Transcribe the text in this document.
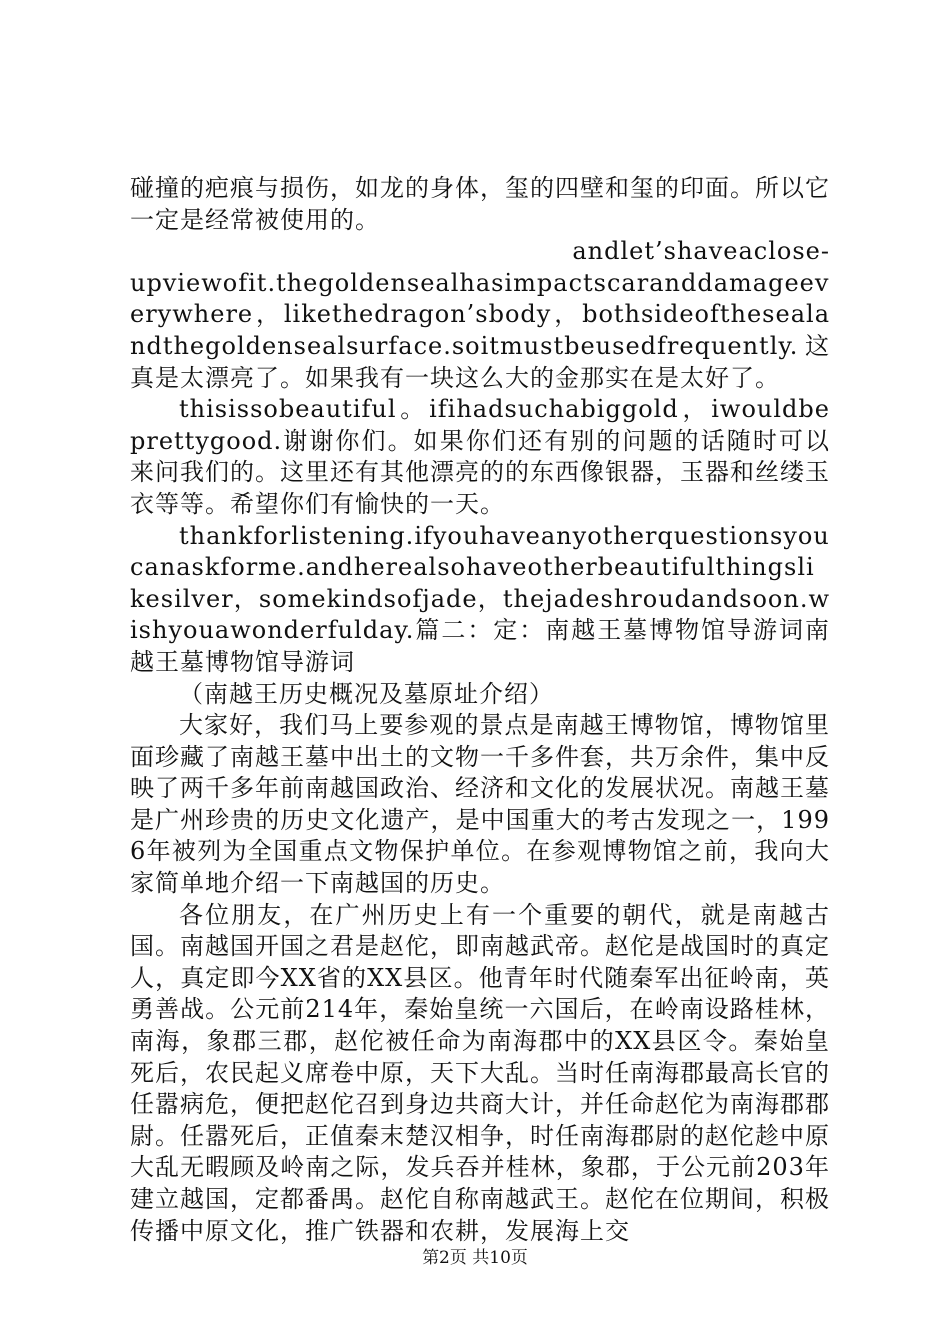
碰撞的疤痕与损伤，如龙的身体，玺的四壁和玺的印面。所以它一定是经常被使用的。

andlet’shaveaclose-

upviewofit.thegoldensealhasimpactscaranddamageeverywhere，likethedragon’sbody，bothsideofthesealandthegoldensealsurface.soitmustbeusedfrequently.这真是太漂亮了。如果我有一块这么大的金那实在是太好了。

thisissobeautiful。ifihadsuchabiggold，iwouldbeprettygood.谢谢你们。如果你们还有别的问题的话随时可以来问我们的。这里还有其他漂亮的的东西像银器，玉器和丝缕玉衣等等。希望你们有愉快的一天。

thankforlistening.ifyouhaveanyotherquestionsyoucanaskforme.andherealsohaveotherbeautifulthingslikesilver，somekindsofjade，thejadeshroudandsoon.wishyouawonderfulday.篇二：定：南越王墓博物馆导游词南越王墓博物馆导游词

（南越王历史概况及墓原址介绍）

大家好，我们马上要参观的景点是南越王博物馆，博物馆里面珍藏了南越王墓中出土的文物一千多件套，共万余件，集中反映了两千多年前南越国政治、经济和文化的发展状况。南越王墓是广州珍贵的历史文化遗产，是中国重大的考古发现之一，1996年被列为全国重点文物保护单位。在参观博物馆之前，我向大家简单地介绍一下南越国的历史。

各位朋友，在广州历史上有一个重要的朝代，就是南越古国。南越国开国之君是赵佗，即南越武帝。赵佗是战国时的真定人，真定即今XX省的XX县区。他青年时代随秦军出征岭南，英勇善战。公元前214年，秦始皇统一六国后，在岭南设路桂林，南海，象郡三郡，赵佗被任命为南海郡中的XX县区令。秦始皇死后，农民起义席卷中原，天下大乱。当时任南海郡最高长官的任嚣病危，便把赵佗召到身边共商大计，并任命赵佗为南海郡郡尉。任嚣死后，正值秦末楚汉相争，时任南海郡尉的赵佗趁中原大乱无暇顾及岭南之际，发兵吞并桂林，象郡，于公元前203年建立越国，定都番禺。赵佗自称南越武王。赵佗在位期间，积极传播中原文化，推广铁器和农耕，发展海上交

第2页 共10页
